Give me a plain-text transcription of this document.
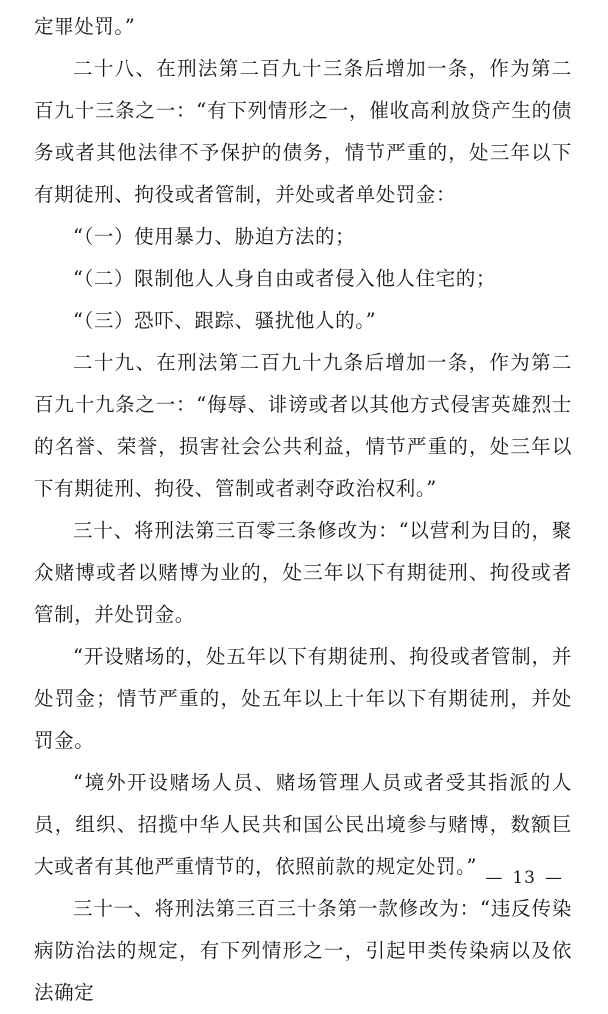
定罪处罚。”

二十八、在刑法第二百九十三条后增加一条，作为第二百九十三条之一：“有下列情形之一，催收高利放贷产生的债务或者其他法律不予保护的债务，情节严重的，处三年以下有期徒刑、拘役或者管制，并处或者单处罚金：

“（一）使用暴力、胁迫方法的；

“（二）限制他人人身自由或者侵入他人住宅的；

“（三）恐吓、跟踪、骚扰他人的。”

二十九、在刑法第二百九十九条后增加一条，作为第二百九十九条之一：“侮辱、诽谤或者以其他方式侵害英雄烈士的名誉、荣誉，损害社会公共利益，情节严重的，处三年以下有期徒刑、拘役、管制或者剥夺政治权利。”

三十、将刑法第三百零三条修改为：“以营利为目的，聚众赌博或者以赌博为业的，处三年以下有期徒刑、拘役或者管制，并处罚金。

“开设赌场的，处五年以下有期徒刑、拘役或者管制，并处罚金；情节严重的，处五年以上十年以下有期徒刑，并处罚金。

“境外开设赌场人员、赌场管理人员或者受其指派的人员，组织、招揽中华人民共和国公民出境参与赌博，数额巨大或者有其他严重情节的，依照前款的规定处罚。”

三十一、将刑法第三百三十条第一款修改为：“违反传染病防治法的规定，有下列情形之一，引起甲类传染病以及依法确定

— 13 —
